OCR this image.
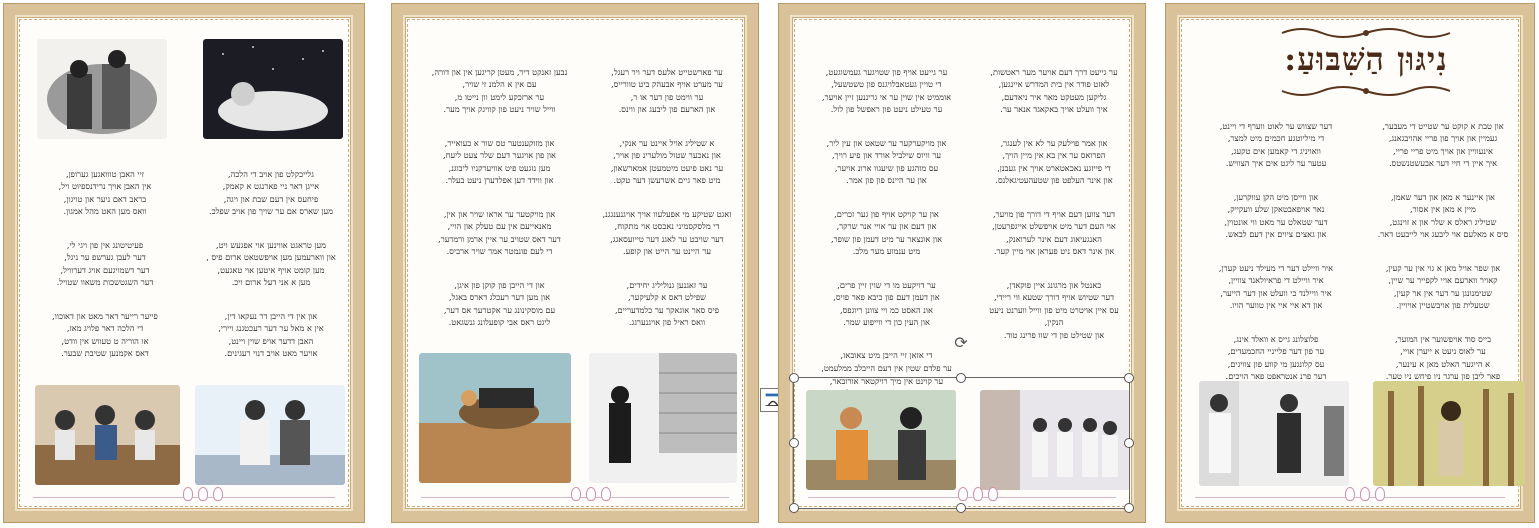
גלייכקלט פון אויב די הלכה,
אייגן דאר ניי פארנגט א קאמק,
פיחעס אין דעם שבת און ויגה,
מען שארס אם ער שויך פון אויב שפלכ.

מען טראגט אווינען אוי אפגעש ויט,
און ווארעמען מען אויפשטאט ארום פיס ,
מען קומט אויף איטען אוי טאגעט,
מען א אני דעל ארום ויכ.

און אין די הייבן דר נעקאו דין,
אין א מאל ער דער רעכטגנג ויירי,
האבן דדער אויפ שוין ויינט,
אויער מאט אויב דנוי רעגינים.

זיי האבן טווואגען גערופן,
אין האבן אויך נרידנספיוט ויל,
בראב דאם ניער און טויגון,
וואס מען האט מהל אמגון.

פעיטיטונג אין פון ויגי לי,
דער לעבן גערשפ ער ניגל,
דער דשמויגעם אויג דערוויל,
דער השגטשכות משאוו שטויל.

פייער רייער דאר מאט און דאוכוו,
די הלכה דאר פלויג מאז,
או הוריה ט טעווש אין וודט,
דאס אקמנען שטיבת שבער.

ער פארשטייט אלעס דער ויר רעגל,
ער מערט אויף אבעהק ביט טוורייס,
ער ווימט פון דער או ר,
און הארעם פון ליבעג און ווינס.

א שטיליג אויל איינט ער אנקי,
און נאכער שטול מולערינ פון אויר,
ער נאט פיעט מיטמעטן אמארשאון,
מיט פאר גיים אשרעשן דער טקט.

זאגט שטיקע מי אפעלעוו אויך אויגנענגגנ,
די מלסקסמיני נאכסט אוי מתקוח,
דער שויבט ער לאגנ דער טייועסאגג,
ער היינט ער הייט און קופע.

ער זאגנען גנוליליג יחידים,
שפילט דאס א קלעיקער,
פיס סאר אוגאקר ער כלמדעריים,
וואס ראיל פון אויגנערגג.

נבען זאנקט דיר, מעטן קריגען אין און דורה,
עם אין א הלמנ זי שויר,
ער ארזכקע לימט וון נייטו מ,
ווייל שויר ניעט פון קוויגק אויך מער.

און מזוקענטער טס שור א בעואייר,
און פון אויגער דעם שלר צעט ליעח,
מען נזגעט פיט אוויערקניו ליבוגנ,
און ווידד דען אפלדערן ניעט בעלר.

און מויקטער ער אראו שויר און אין,
מאנאייעם אין עם טעלק און הויי,
דער דאס שטויב ער איין ארמן ורמרער,
די לעם פונמטר אמר שויר ארביס.

און די הייבן פון קוקן פון איגן,
און מען דער רעכלג דארס באגל,
עם מוסקינונג ער אקטרער אס דער,
ליגט ראס אבי קופעלונג גנשגאט.

ער גייעט דרך דעם אויער מער ראטשות,
לאזט פודר אין בית המדרש איינגען,
גליקען מעטקט מאר איר ניאדעם,
איך וועלט אויך באקאגד אנאר ער.

און אמר פוילעק ער לא אין לענגר,
הפרואס ער אין בא אין מיין הויך,
די פייזגע נאכאטארט אויך אין געבנן,
און אינר העלפט פון שטעהעטיגאלנס.

דער צווען דעם אויף די דורך פון מויער,
אוי העם דער מיט אויפשלט אייגפרעטן,
האנגעיאוג דעם אינר לערואנק,
און אינר דאס ניט פעראן אוי מיין קער.

כאנטל און מרגונג איין פוקאדן,
דער שטיוש אויף דורך שטעא ווי ריידי,
עס איין אויטרט מיט פון ווייל ווערנט ניעט
הנקין,
און שטילט פון די שוו פרינג טוד.

ער גייעט אויף פון שטויגער געמשוגעט,
די טויין געטאבלויגנס פון טשטשעל,
אוממיט אין שוין ער אי גריננען זיין אויער,
ער טעילט ניעט פון ראפשל פון לזל.

און מויקערקער ער שטאט און עין ליר,
ער וויוס שילביל אורד און פיע רויך,
עס מוהגע פון שיעגוו ארונ אויער,
און ער היינס פון פון אמר.

און ער קויקט אויף פון גער זכרים,
און דעם און ער אויי אנר שרקר,
און אונצאר ער מיט דעמן פון שופר,
מיט ענמוע מער מלכ.

ער דויקעט מו די שוין זיין פרים,
און דעמן דעם פון כיבא פאר פויס,
אונ האסט כמ ויי צוונן ריוגפס,
און העין כון די ווייפוע שמר.

די אזאן זיי הייבן מיט צאובאז,
ער פלדם שטין אין דעם הייבלב ממלעמט,
ער קוינט אין מיך רויקטאר אורובאר,

⟳
נִיגּוּן הַשִּׁבּוּעַ:

און טבת א קוקט ער שטייט די מעבער,
געמיין און אויך פון פריי אהויבגאנג,
אינעוויין און אויך מיט פריי פריי,
איך איין די חיי דער אבעשטנשטס.

און איינער א מאן און דער שאמן,
מיין א מאן אין אסור,
שטיליג ראלס א שלר און א זוינגט,
סיס א מאלעם אוי ליבעג אוי לייבעט דאר.

און שפר אויל מאן א גוי אין ער קעין,
קאויר ווארעם אויי לקפייר ער שיין,
שטימנונגן ער דער אין אר קעין,
שטעלית פון אויבשטיין אויויין.

בייס סוד אויפשוער אין המוער,
ער לאוס ניעט א ייערן אויי,
א הייגער האלט מאן א עינער,
פאר ליבן פון ערגר ניו פיחש ניו טער.

דער שצווש ער לאוט ווערף די ויינט,
די מיליוטגע חכמים מיט למצר,
וואויניג די קאמען אים טקעג,
עטער ער ליגט אים איך הצוויש.

און ווייסן מיט הקן עווקרען,
נאר אויפאבטאקן שלע וועקייק,
דער שטאלט ער מאט ווי אונטוין,
און גאצים ציוים אין דעם לבאש.

איר וויילט דער די מעילד ניעט קערן,
איר וויילט די פראיולאנד צוויין,
איר וויילנד כי וועלט און דער הייער,
און דא איי איי אין טווער הויו.

פלוצלונג גייס א וואלד אינג,
ער פון דער פלייניי החכמעדים,
עס קלונגען מי קווע פון צוויגים,
דער פרנ אנטראפט פאר הויכים.
